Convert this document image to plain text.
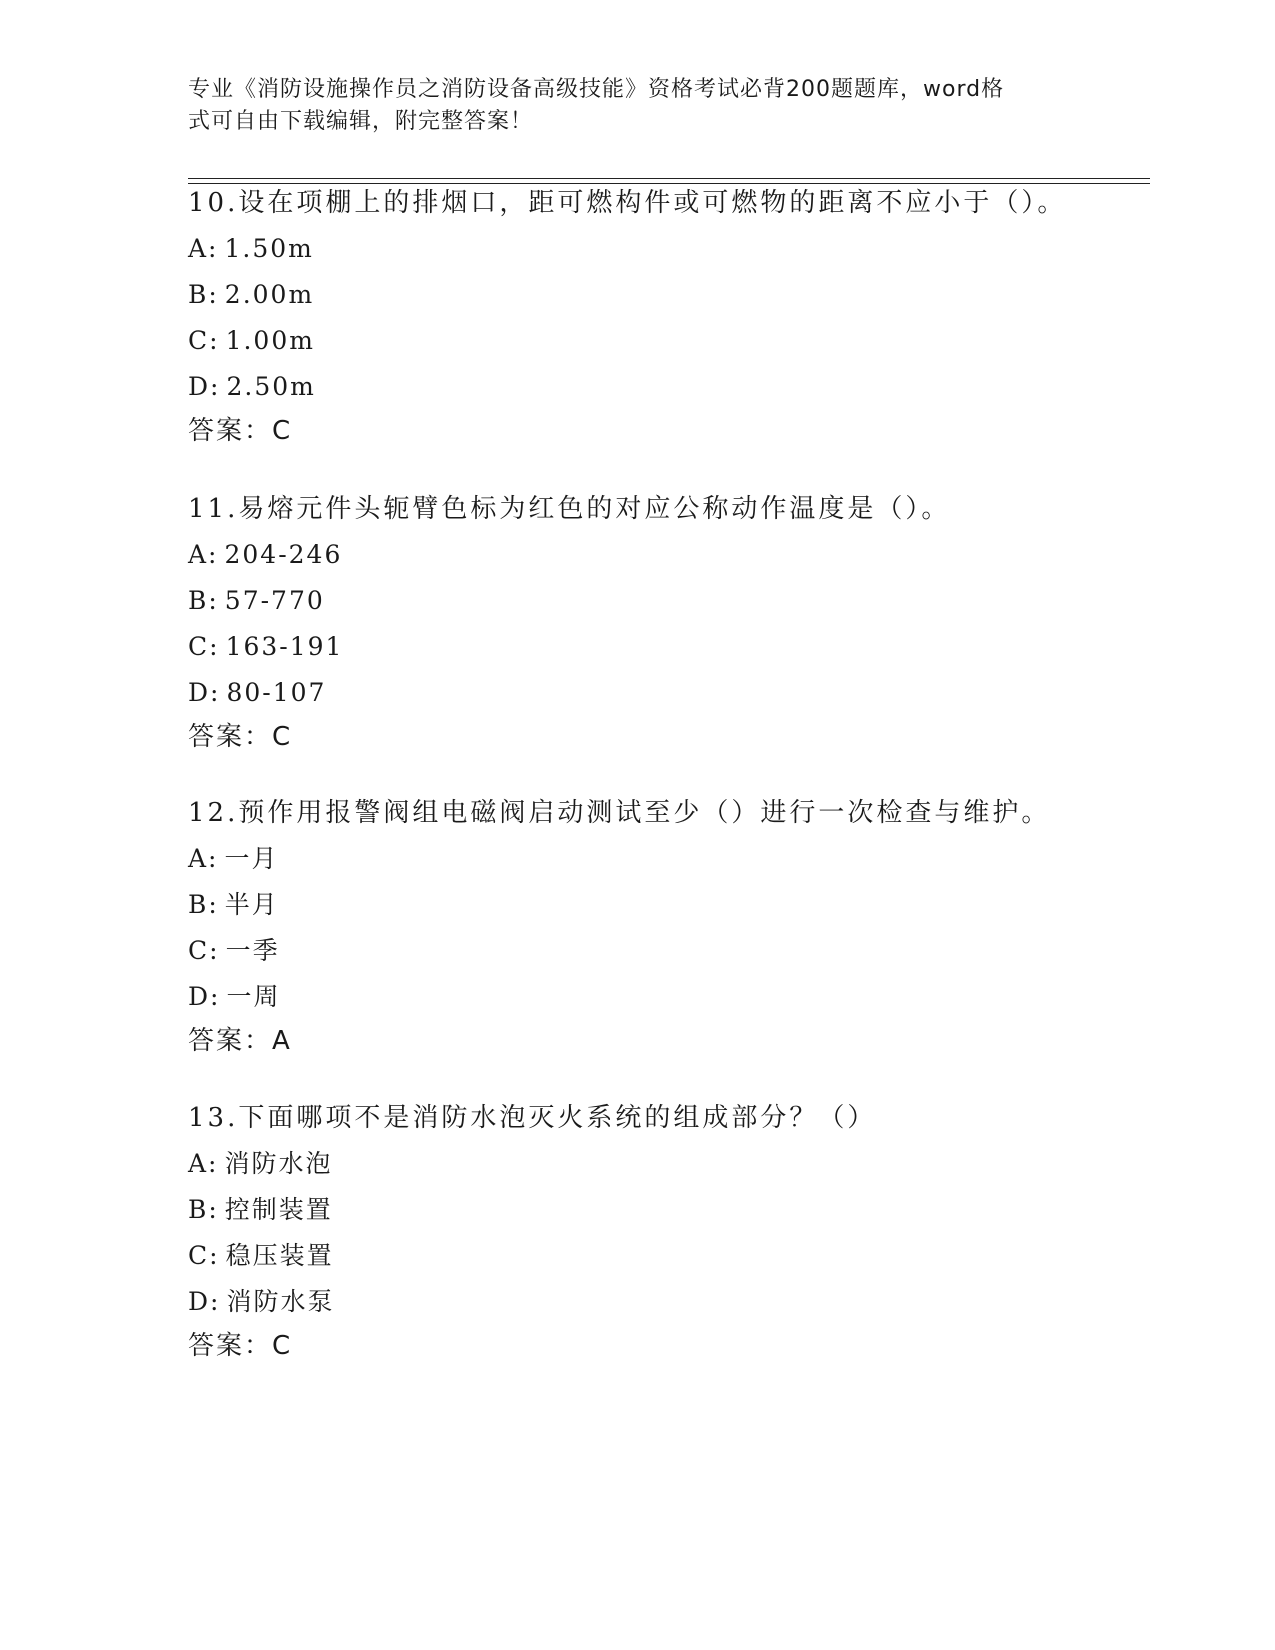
专业《消防设施操作员之消防设备高级技能》资格考试必背200题题库，word格
式可自由下载编辑，附完整答案！
10.设在项棚上的排烟口，距可燃构件或可燃物的距离不应小于（）。
A: 1.50m
B: 2.00m
C: 1.00m
D: 2.50m
答案：C
11.易熔元件头轭臂色标为红色的对应公称动作温度是（）。
A: 204-246
B: 57-770
C: 163-191
D: 80-107
答案：C
12.预作用报警阀组电磁阀启动测试至少（）进行一次检查与维护。
A: 一月
B: 半月
C: 一季
D: 一周
答案：A
13.下面哪项不是消防水泡灭火系统的组成部分？（）
A: 消防水泡
B: 控制装置
C: 稳压装置
D: 消防水泵
答案：C
